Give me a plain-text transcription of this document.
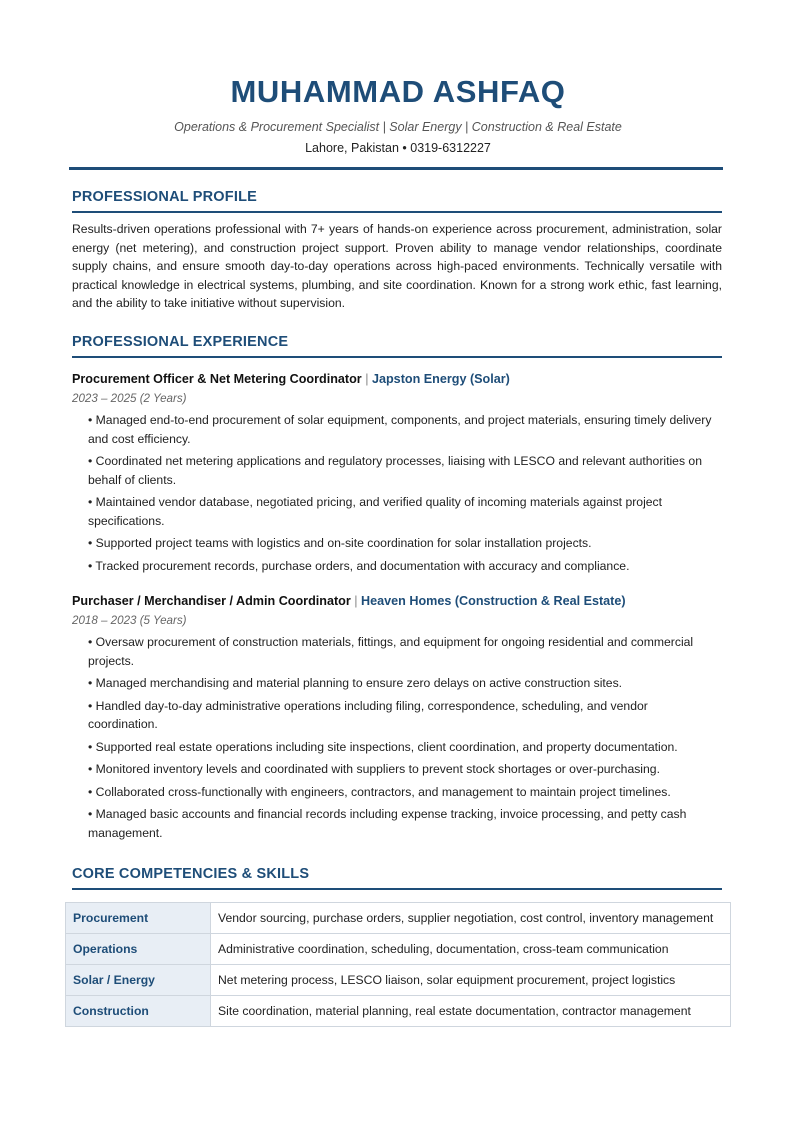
MUHAMMAD ASHFAQ
Operations & Procurement Specialist | Solar Energy | Construction & Real Estate
Lahore, Pakistan • 0319-6312227
PROFESSIONAL PROFILE
Results-driven operations professional with 7+ years of hands-on experience across procurement, administration, solar energy (net metering), and construction project support. Proven ability to manage vendor relationships, coordinate supply chains, and ensure smooth day-to-day operations across high-paced environments. Technically versatile with practical knowledge in electrical systems, plumbing, and site coordination. Known for a strong work ethic, fast learning, and the ability to take initiative without supervision.
PROFESSIONAL EXPERIENCE
Procurement Officer & Net Metering Coordinator | Japston Energy (Solar)
2023 – 2025 (2 Years)
• Managed end-to-end procurement of solar equipment, components, and project materials, ensuring timely delivery and cost efficiency.
• Coordinated net metering applications and regulatory processes, liaising with LESCO and relevant authorities on behalf of clients.
• Maintained vendor database, negotiated pricing, and verified quality of incoming materials against project specifications.
• Supported project teams with logistics and on-site coordination for solar installation projects.
• Tracked procurement records, purchase orders, and documentation with accuracy and compliance.
Purchaser / Merchandiser / Admin Coordinator | Heaven Homes (Construction & Real Estate)
2018 – 2023 (5 Years)
• Oversaw procurement of construction materials, fittings, and equipment for ongoing residential and commercial projects.
• Managed merchandising and material planning to ensure zero delays on active construction sites.
• Handled day-to-day administrative operations including filing, correspondence, scheduling, and vendor coordination.
• Supported real estate operations including site inspections, client coordination, and property documentation.
• Monitored inventory levels and coordinated with suppliers to prevent stock shortages or over-purchasing.
• Collaborated cross-functionally with engineers, contractors, and management to maintain project timelines.
• Managed basic accounts and financial records including expense tracking, invoice processing, and petty cash management.
CORE COMPETENCIES & SKILLS
Procurement	Vendor sourcing, purchase orders, supplier negotiation, cost control, inventory management
Operations	Administrative coordination, scheduling, documentation, cross-team communication
Solar / Energy	Net metering process, LESCO liaison, solar equipment procurement, project logistics
Construction	Site coordination, material planning, real estate documentation, contractor management
